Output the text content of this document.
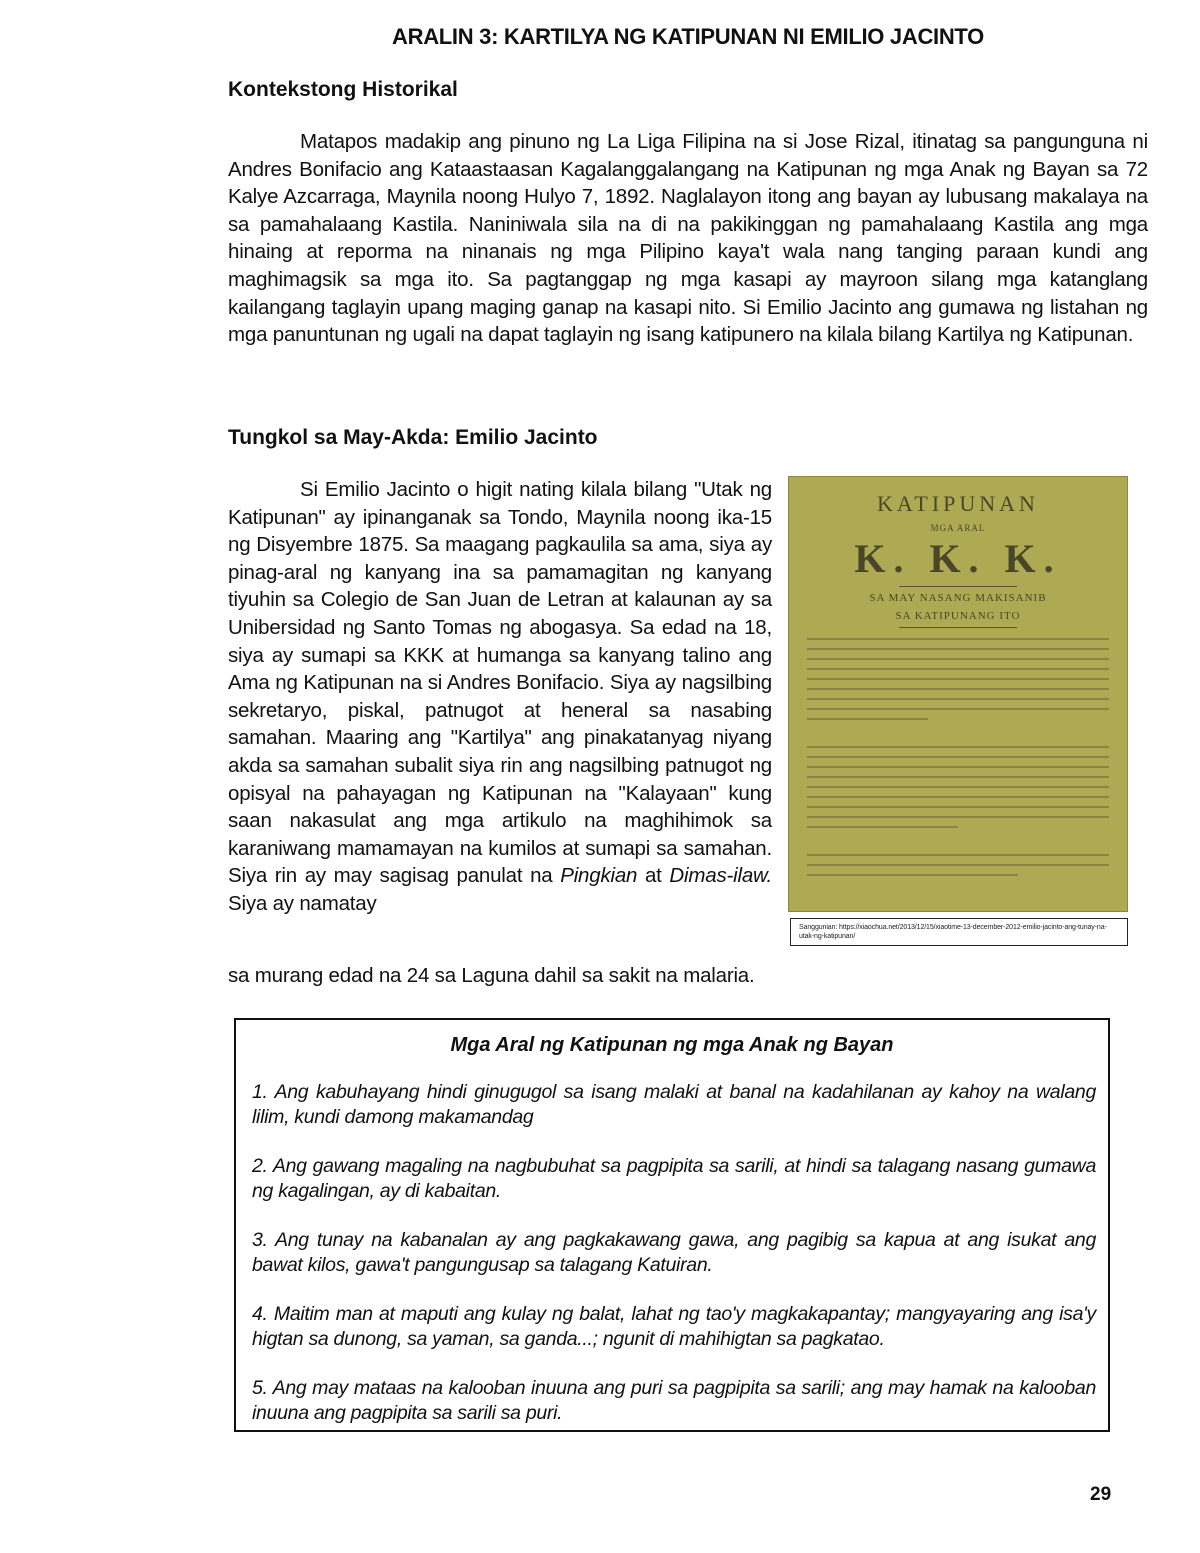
ARALIN 3: KARTILYA NG KATIPUNAN NI EMILIO JACINTO
Kontekstong Historikal

Matapos madakip ang pinuno ng La Liga Filipina na si Jose Rizal, itinatag sa pangunguna ni Andres Bonifacio ang Kataastaasan Kagalanggalangang na Katipunan ng mga Anak ng Bayan sa 72 Kalye Azcarraga, Maynila noong Hulyo 7, 1892. Naglalayon itong ang bayan ay lubusang makalaya na sa pamahalaang Kastila. Naniniwala sila na di na pakikinggan ng pamahalaang Kastila ang mga hinaing at reporma na ninanais ng mga Pilipino kaya't wala nang tanging paraan kundi ang maghimagsik sa mga ito. Sa pagtanggap ng mga kasapi ay mayroon silang mga katanglang kailangang taglayin upang maging ganap na kasapi nito. Si Emilio Jacinto ang gumawa ng listahan ng mga panuntunan ng ugali na dapat taglayin ng isang katipunero na kilala bilang Kartilya ng Katipunan.

Tungkol sa May-Akda: Emilio Jacinto

Si Emilio Jacinto o higit nating kilala bilang "Utak ng Katipunan" ay ipinanganak sa Tondo, Maynila noong ika-15 ng Disyembre 1875. Sa maagang pagkaulila sa ama, siya ay pinag-aral ng kanyang ina sa pamamagitan ng kanyang tiyuhin sa Colegio de San Juan de Letran at kalaunan ay sa Unibersidad ng Santo Tomas ng abogasya. Sa edad na 18, siya ay sumapi sa KKK at humanga sa kanyang talino ang Ama ng Katipunan na si Andres Bonifacio. Siya ay nagsilbing sekretaryo, piskal, patnugot at heneral sa nasabing samahan. Maaring ang "Kartilya" ang pinakatanyag niyang akda sa samahan subalit siya rin ang nagsilbing patnugot ng opisyal na pahayagan ng Katipunan na "Kalayaan" kung saan nakasulat ang mga artikulo na maghihimok sa karaniwang mamamayan na kumilos at sumapi sa samahan. Siya rin ay may sagisag panulat na Pingkian at Dimas-ilaw. Siya ay namatay

sa murang edad na 24 sa Laguna dahil sa sakit na malaria.

KATIPUNAN
MGA ARAL
K. K. K.
SA MAY NASANG MAKISANIB
SA KATIPUNANG ITO
Sanggunian: https://xiaochua.net/2013/12/15/xiaotime-13-december-2012-emilio-jacinto-ang-tunay-na-utak-ng-katipunan/
Mga Aral ng Katipunan ng mga Anak ng Bayan

1. Ang kabuhayang hindi ginugugol sa isang malaki at banal na kadahilanan ay kahoy na walang lilim, kundi damong makamandag

2. Ang gawang magaling na nagbubuhat sa pagpipita sa sarili, at hindi sa talagang nasang gumawa ng kagalingan, ay di kabaitan.

3. Ang tunay na kabanalan ay ang pagkakawang gawa, ang pagibig sa kapua at ang isukat ang bawat kilos, gawa't pangungusap sa talagang Katuiran.

4. Maitim man at maputi ang kulay ng balat, lahat ng tao'y magkakapantay; mangyayaring ang isa'y higtan sa dunong, sa yaman, sa ganda...; ngunit di mahihigtan sa pagkatao.

5. Ang may mataas na kalooban inuuna ang puri sa pagpipita sa sarili; ang may hamak na kalooban inuuna ang pagpipita sa sarili sa puri.

29
